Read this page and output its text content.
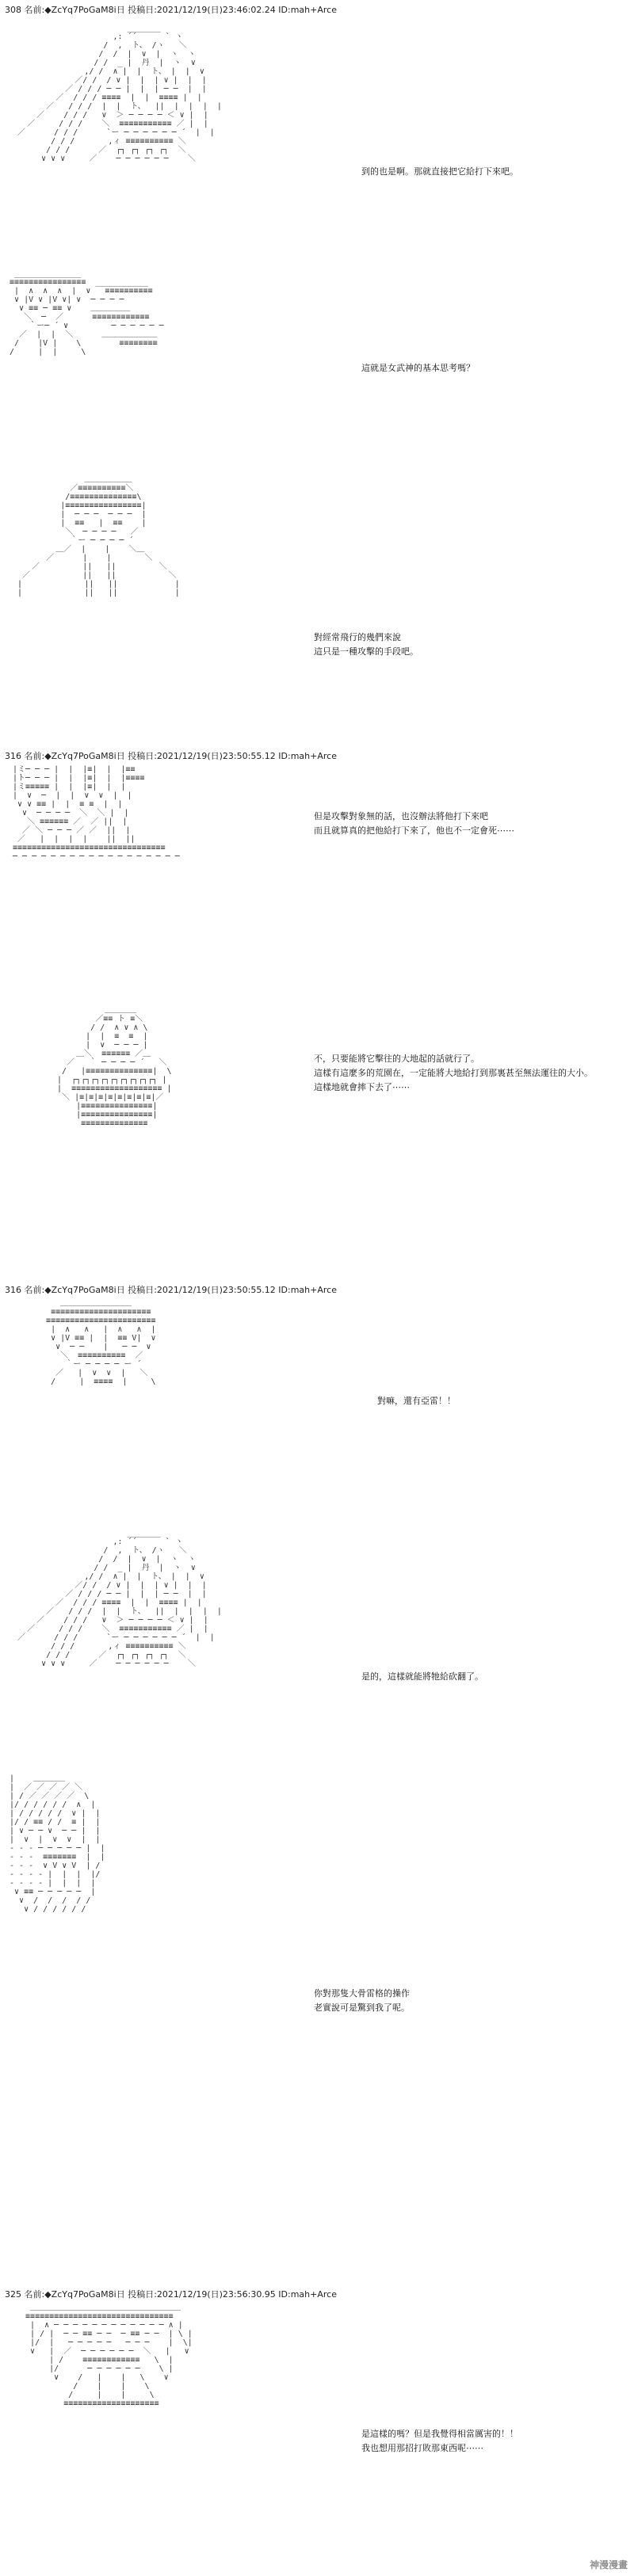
308 名前:◆ZcYq7PoGaM8i日 投稿日:2021/12/19(日)23:46:02.24 ID:mah+Arce
_______
,: ´´      ` ヽ
/  ,  ト、 /ヽ   ＼
/  /  |  ∨  |  ヽ  ヽ
/ /  _ |  丹  |  ヽ  ∨
,/ /  ∧ |  |  ト、 |  |  ∨
／/ /  / ∨ |  |  | ∨ |  |  |
／ / / / ─ ─ |  |  | ─ ─  |  |
／  / / / ≡≡≡≡  |  |  ≡≡≡≡ |  |
／   / / /  |  |  ト、  ||  |  |  |  |
／    / / /   ∨  ＞ ─ ─ ─ ─ ＜ ∨ |  |
／     / / /    ＼  ≡≡≡≡≡≡≡≡≡≡≡ ／ |  |
／      / / /      `ー ─ ─ ─ ─ ─ ─ ´  |  |
/ / /       ,ィ ≡≡≡≡≡≡≡≡≡≡ ＼
/ / /      ／  ┌┐ ┌┐ ┌┐ ┌┐  ＼
∨ ∨ ∨     ／    ─ ─ ─ ─ ─ ─    ＼

到的也是啊。那就直接把它給打下來吧。
______________
≡≡≡≡≡≡≡≡≡≡≡≡≡≡≡≡  ___________
|  ∧  ∧  ∧  |  ∨   ≡≡≡≡≡≡≡≡≡≡
∨ |V ∨ |V ∨| ∨  ─ ─ ─ ─
∨ ≡≡ ─ ≡≡ ∨    ＿＿＿＿＿
＼  ─  ／      ≡≡≡≡≡≡≡≡≡≡≡≡
｀ー─ ´ ∨         ─ ─ ─ ─ ─ ─
／  |  |  ＼      ＿＿＿＿＿＿＿
/    |V |    \        ≡≡≡≡≡≡≡≡
/     |  |     \

這就是女武神的基本思考嗎？
＿＿＿＿＿＿
／≡≡≡≡≡≡≡≡≡≡＼
/≡≡≡≡≡≡≡≡≡≡≡≡≡≡\
|≡≡≡≡≡≡≡≡≡≡≡≡≡≡≡≡|
|  ─ ─ ─  ─ ─ ─  |
|  ≡≡   |  ≡≡    |
＼  ─ ─ ─ ─   ／
｀ー ─ ─ ─ ─ ´
＿／  |    |    ＼＿
／      |    |       ＼
／         ||   ||         ＼
／           ||   ||           ＼
|             ||   ||            |
|             ||   ||            |

對經常飛行的幾們來說
這只是一種攻擊的手段吧。
316 名前:◆ZcYq7PoGaM8i日 投稿日:2021/12/19(日)23:50:55.12 ID:mah+Arce
|ミ─ ─ ─ |  |  |≡|  |  |≡≡
|ト─ ─ ─ |  |  |≡|  |  |≡≡≡≡
|ミ≡≡≡≡≡ |  |  |≡|  |  |
|  ∨  ─  |  |  ∨  ∨  |  |
∨ ∨ ≡≡ |  |  ≡ ≡  |  |
∨  ─ ─ ─ ─  ＼  ＼ |  |
＼ ≡≡≡≡≡≡ ／  ／ ||  |
／ ＼ ─ ─ ─ ／ ／  ||  |
／   |  |  |  |    ||  ||
≡≡≡≡≡≡≡≡≡≡≡≡≡≡≡≡≡≡≡≡≡≡≡≡≡≡≡≡≡≡≡≡
─ ─ ─ ─ ─ ─ ─ ─ ─ ─ ─ ─ ─ ─ ─ ─ ─ ─

但是攻擊對象無的話，也沒辦法將他打下來吧
而且就算真的把他給打下來了，他也不一定會死⋯⋯
＿＿＿＿
／≡≡ ト ≡＼
/ /  ∧ ∨ ∧ \
|  |  ≡  ≡  |
|  ∨  ─ ─ ─ |
＿＼  ≡≡≡≡≡≡ ／＿
／   ｀ ─ ─ ─ ─ ´   ＼
/   |≡≡≡≡≡≡≡≡≡≡≡≡≡≡|  \
|  ┌┐┌┐┌┐┌┐┌┐┌┐┌┐┌┐┌┐ |
|  ≡≡≡≡≡≡≡≡≡≡≡≡≡≡≡≡≡≡≡ |
＼ |≡|≡|≡|≡|≡|≡|≡|≡|／
|≡≡≡≡≡≡≡≡≡≡≡≡≡≡≡|
|≡≡≡≡≡≡≡≡≡≡≡≡≡≡≡|
≡≡≡≡≡≡≡≡≡≡≡≡≡≡

不，只要能將它擊往的大地起的話就行了。
這樣有這麼多的荒園在，一定能將大地給打到那裏甚至無法運往的大小。
這樣地就會摔下去了⋯⋯
316 名前:◆ZcYq7PoGaM8i日 投稿日:2021/12/19(日)23:50:55.12 ID:mah+Arce
＿＿＿＿＿＿＿＿＿
≡≡≡≡≡≡≡≡≡≡≡≡≡≡≡≡≡≡≡≡≡
≡≡≡≡≡≡≡≡≡≡≡≡≡≡≡≡≡≡≡≡≡≡≡
|  ∧   ∧   |  ∧   ∧  |
∨ |V ≡≡ |  |  ≡≡ V|  ∨
∨  ─ ─    |   ─ ─  ∨
＼  ≡≡≡≡≡≡≡≡≡≡  ／
｀ー ─ ─ ─ ─ ー ´
／   |  ∨  ∨  |   ＼
/     |  ≡≡≡≡  |     \

對嘛，還有亞雷！！
_______
,: ´´      ` ヽ
/  ,  ト、 /ヽ   ＼
/  /  |  ∨  |  ヽ  ヽ
/ /  _ |  丹  |  ヽ  ∨
,/ /  ∧ |  |  ト、 |  |  ∨
／/ /  / ∨ |  |  | ∨ |  |  |
／ / / / ─ ─ |  |  | ─ ─  |  |
／  / / / ≡≡≡≡  |  |  ≡≡≡≡ |  |
／   / / /  |  |  ト、  ||  |  |  |  |
／    / / /   ∨  ＞ ─ ─ ─ ─ ＜ ∨ |  |
／     / / /    ＼  ≡≡≡≡≡≡≡≡≡≡≡ ／ |  |
／      / / /      `ー ─ ─ ─ ─ ─ ─ ´  |  |
/ / /       ,ィ ≡≡≡≡≡≡≡≡≡≡ ＼
/ / /      ／  ┌┐ ┌┐ ┌┐ ┌┐  ＼
∨ ∨ ∨     ／    ─ ─ ─ ─ ─ ─    ＼

是的，這樣就能將牠給砍翻了。
|    ＿＿＿＿
|  ／ ／ ／ ／ ＼
| / ／ ／ ／ ／  \
|/ / / / / /  ∧  |
| / / / / /  ∨ |  |
|/ / ≡≡ / /  ≡ |  |
| ∨ ─ ─ ∨  ─ ─ |  |
|  ∨  |  ∨  ∨  |  |
- - - ─ ─ ─ ─ ─ |  |
- - -  ≡≡≡≡≡≡≡  |  |
- - -  ∨ V ∨ V  | /
- - - - |  |  |  |/
- - - - |  |  |  |
∨ ≡≡ ─ ─ ─ ─ ─  |
∨  /  /  /  / /
∨ / / / / / /

你對那隻大骨雷格的操作
老實說可是驚到我了呢。
325 名前:◆ZcYq7PoGaM8i日 投稿日:2021/12/19(日)23:56:30.95 ID:mah+Arce
＿＿＿＿＿＿＿＿＿＿＿＿＿＿＿＿＿＿＿
≡≡≡≡≡≡≡≡≡≡≡≡≡≡≡≡≡≡≡≡≡≡≡≡≡≡≡≡≡≡≡
|  ∧ ─ ─ ─ ─ ─ ─ ─ ─ ─ ─ ─ ─ ∧ |
| / |  ─ ─ ≡≡ ─ ─  ─ ≡≡ ─ ─  | \ |
|/  |   ─ ─ ─ ─ ─   ─ ─ ─    |  \|
∨   |  ／  ─ ─ ─ ─ ─ ─  ＼   |   ∨
| /    ≡≡≡≡≡≡≡≡≡≡≡≡   \  |
|/      ─ ─ ─ ─ ─ ─    \ |
∨    /   |    |   \    ∨
/    |    |    \
/     |    |     \
≡≡≡≡≡≡≡≡≡≡≡≡≡≡≡≡≡≡≡≡

是這樣的嗎？但是我覺得相當厲害的！！
我也想用那招打敗那東西呢⋯⋯
神漫漫畫
